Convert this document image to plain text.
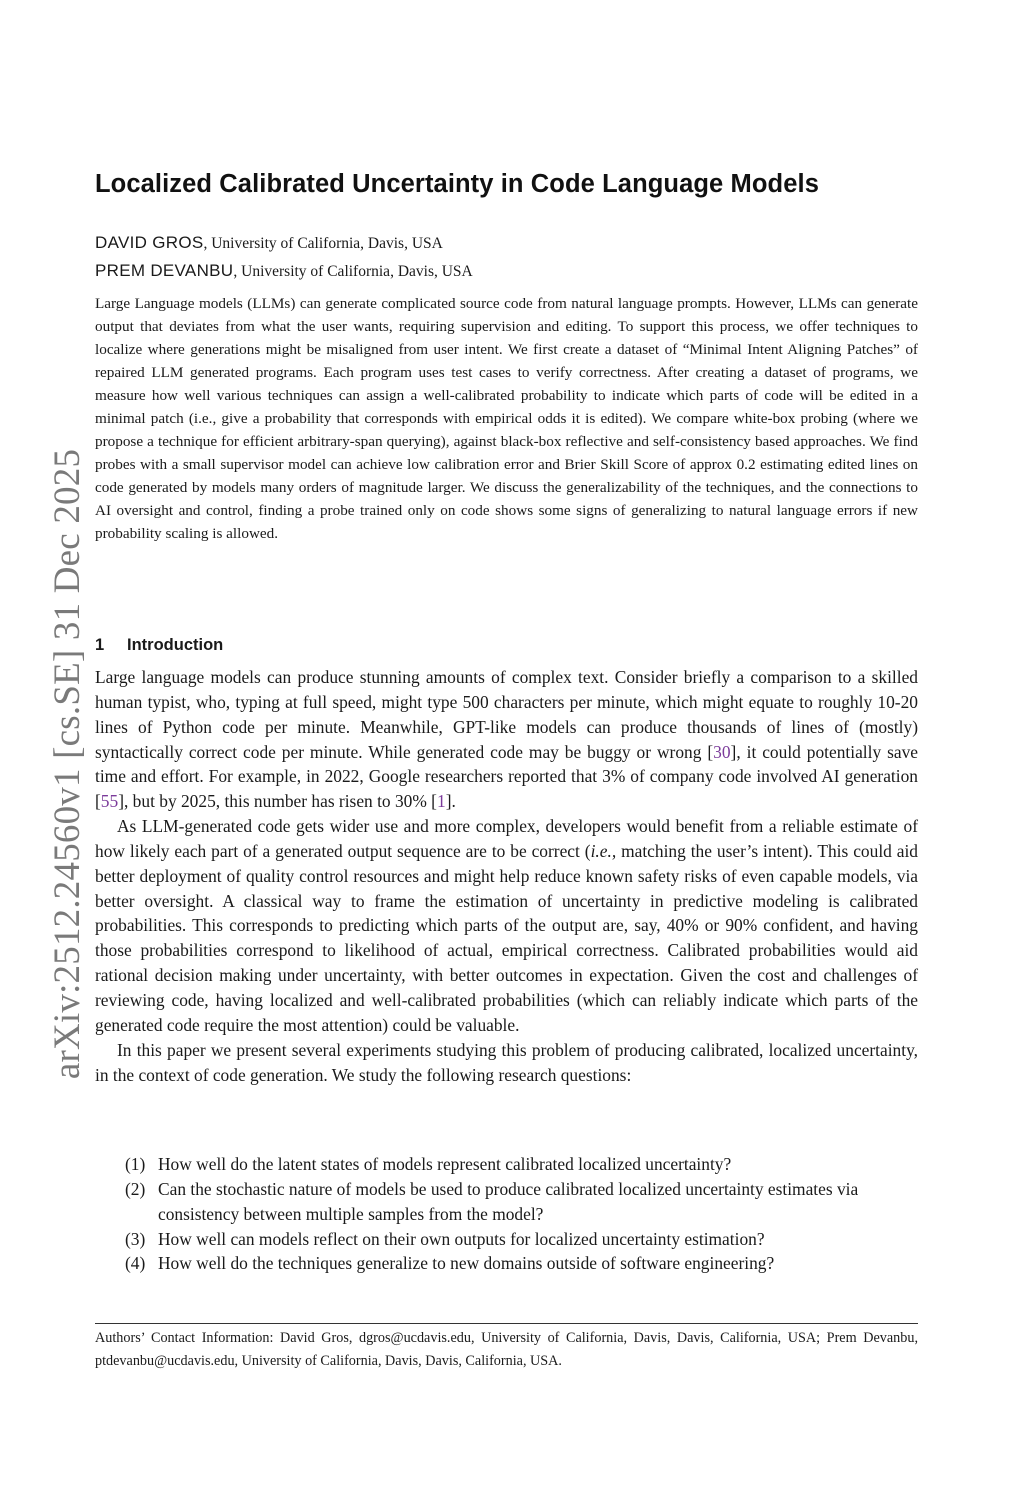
arXiv:2512.24560v1 [cs.SE] 31 Dec 2025
Localized Calibrated Uncertainty in Code Language Models
DAVID GROS, University of California, Davis, USA
PREM DEVANBU, University of California, Davis, USA

Large Language models (LLMs) can generate complicated source code from natural language prompts. However, LLMs can generate output that deviates from what the user wants, requiring supervision and editing. To support this process, we offer techniques to localize where generations might be misaligned from user intent. We first create a dataset of “Minimal Intent Aligning Patches” of repaired LLM generated programs. Each program uses test cases to verify correctness. After creating a dataset of programs, we measure how well various techniques can assign a well-calibrated probability to indicate which parts of code will be edited in a minimal patch (i.e., give a probability that corresponds with empirical odds it is edited). We compare white-box probing (where we propose a technique for efficient arbitrary-span querying), against black-box reflective and self-consistency based approaches. We find probes with a small supervisor model can achieve low calibration error and Brier Skill Score of approx 0.2 estimating edited lines on code generated by models many orders of magnitude larger. We discuss the generalizability of the techniques, and the connections to AI oversight and control, finding a probe trained only on code shows some signs of generalizing to natural language errors if new probability scaling is allowed.

1 Introduction

Large language models can produce stunning amounts of complex text. Consider briefly a comparison to a skilled human typist, who, typing at full speed, might type 500 characters per minute, which might equate to roughly 10-20 lines of Python code per minute. Meanwhile, GPT-like models can produce thousands of lines of (mostly) syntactically correct code per minute. While generated code may be buggy or wrong [30], it could potentially save time and effort. For example, in 2022, Google researchers reported that 3% of company code involved AI generation [55], but by 2025, this number has risen to 30% [1].

As LLM-generated code gets wider use and more complex, developers would benefit from a reliable estimate of how likely each part of a generated output sequence are to be correct (i.e., matching the user’s intent). This could aid better deployment of quality control resources and might help reduce known safety risks of even capable models, via better oversight. A classical way to frame the estimation of uncertainty in predictive modeling is calibrated probabilities. This corresponds to predicting which parts of the output are, say, 40% or 90% confident, and having those probabilities correspond to likelihood of actual, empirical correctness. Calibrated probabilities would aid rational decision making under uncertainty, with better outcomes in expectation. Given the cost and challenges of reviewing code, having localized and well-calibrated probabilities (which can reliably indicate which parts of the generated code require the most attention) could be valuable.

In this paper we present several experiments studying this problem of producing calibrated, localized uncertainty, in the context of code generation. We study the following research questions:

(1) How well do the latent states of models represent calibrated localized uncertainty?
(2) Can the stochastic nature of models be used to produce calibrated localized uncertainty estimates via consistency between multiple samples from the model?
(3) How well can models reflect on their own outputs for localized uncertainty estimation?
(4) How well do the techniques generalize to new domains outside of software engineering?
Authors’ Contact Information: David Gros, dgros@ucdavis.edu, University of California, Davis, Davis, California, USA; Prem Devanbu, ptdevanbu@ucdavis.edu, University of California, Davis, Davis, California, USA.
